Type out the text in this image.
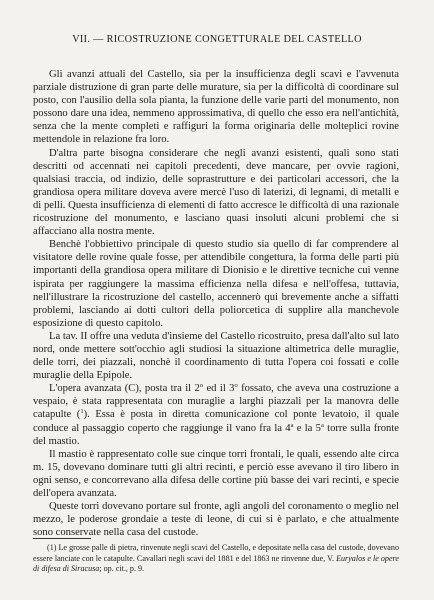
VII. — RICOSTRUZIONE CONGETTURALE DEL CASTELLO

Gli avanzi attuali del Castello, sia per la insufficienza degli scavi e l'avvenuta parziale distruzione di gran parte delle murature, sia per la difficoltà di coordinare sul posto, con l'ausilio della sola pianta, la funzione delle varie parti del monumento, non possono dare una idea, nemmeno approssimativa, di quello che esso era nell'antichità, senza che la mente completi e raffiguri la forma originaria delle molteplici rovine mettendole in relazione fra loro.

D'altra parte bisogna considerare che negli avanzi esistenti, quali sono stati descritti od accennati nei capitoli precedenti, deve mancare, per ovvie ragioni, qualsiasi traccia, od indizio, delle soprastrutture e dei particolari accessori, che la grandiosa opera militare doveva avere mercè l'uso di laterizi, di legnami, di metalli e di pelli. Questa insufficienza di elementi di fatto accresce le difficoltà di una razionale ricostruzione del monumento, e lasciano quasi insoluti alcuni problemi che si affacciano alla nostra mente.

Benchè l'obbiettivo principale di questo studio sia quello di far comprendere al visitatore delle rovine quale fosse, per attendibile congettura, la forma delle parti più importanti della grandiosa opera militare di Dionisio e le direttive tecniche cui venne ispirata per raggiungere la massima efficienza nella difesa e nell'offesa, tuttavia, nell'illustrare la ricostruzione del castello, accennerò qui brevemente anche a siffatti problemi, lasciando ai dotti cultori della poliorcetica di supplire alla manchevole esposizione di questo capitolo.

La tav. II offre una veduta d'insieme del Castello ricostruito, presa dall'alto sul lato nord, onde mettere sott'occhio agli studiosi la situazione altimetrica delle muraglie, delle torri, dei piazzali, nonchè il coordinamento di tutta l'opera coi fossati e colle muraglie della Epipole.

L'opera avanzata (C), posta tra il 2$^o$ ed il 3$^o$ fossato, che aveva una costruzione a vespaio, è stata rappresentata con muraglie a larghi piazzali per la manovra delle catapulte ($^1$). Essa è posta in diretta comunicazione col ponte levatoio, il quale conduce al passaggio coperto che raggiunge il vano fra la 4$^a$ e la 5$^a$ torre sulla fronte del mastio.

Il mastio è rappresentato colle sue cinque torri frontali, le quali, essendo alte circa m. 15, dovevano dominare tutti gli altri recinti, e perciò esse avevano il tiro libero in ogni senso, e concorrevano alla difesa delle cortine più basse dei vari recinti, e specie dell'opera avanzata.

Queste torri dovevano portare sul fronte, agli angoli del coronamento o meglio nel mezzo, le poderose grondaie a teste di leone, di cui si è parlato, e che attualmente sono conservate nella casa del custode.

(1) Le grosse palle di pietra, rinvenute negli scavi del Castello, e depositate nella casa del custode, dovevano essere lanciate con le catapulte. Cavallari negli scavi del 1881 e del 1863 ne rinvenne due, V. Euryalos e le opere di difesa di Siracusa; op. cit., p. 9.
